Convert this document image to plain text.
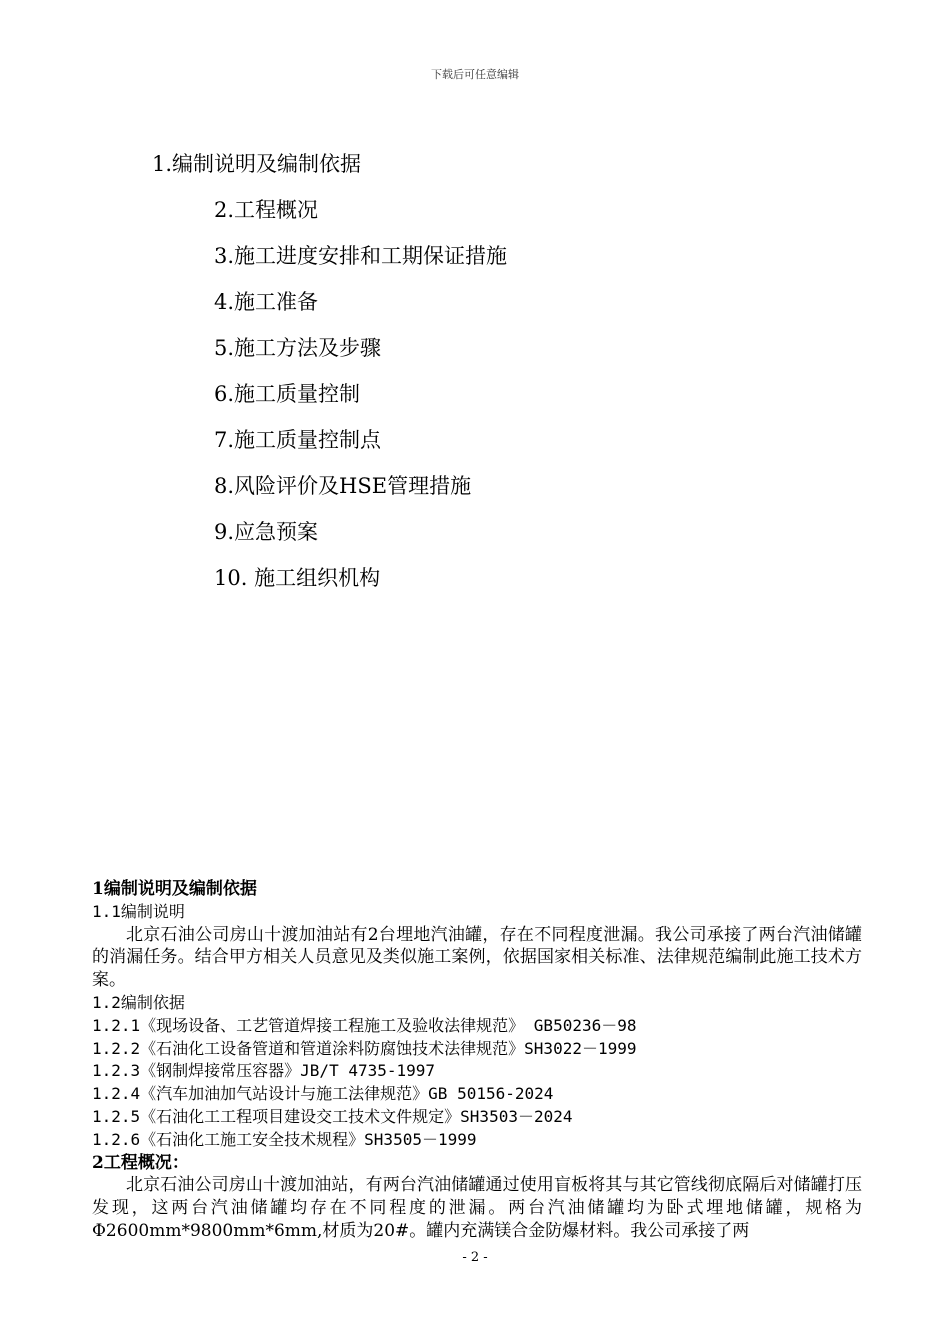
下载后可任意编辑
1.编制说明及编制依据
2.工程概况
3.施工进度安排和工期保证措施
4.施工准备
5.施工方法及步骤
6.施工质量控制
7.施工质量控制点
8.风险评价及HSE管理措施
9.应急预案
10. 施工组织机构
1编制说明及编制依据
1.1编制说明
北京石油公司房山十渡加油站有2台埋地汽油罐，存在不同程度泄漏。我公司承接了两台汽油储罐的消漏任务。结合甲方相关人员意见及类似施工案例，依据国家相关标准、法律规范编制此施工技术方案。
1.2编制依据
1.2.1《现场设备、工艺管道焊接工程施工及验收法律规范》 GB50236－98
1.2.2《石油化工设备管道和管道涂料防腐蚀技术法律规范》SH3022－1999
1.2.3《钢制焊接常压容器》JB/T 4735-1997
1.2.4《汽车加油加气站设计与施工法律规范》GB 50156-2024
1.2.5《石油化工工程项目建设交工技术文件规定》SH3503－2024
1.2.6《石油化工施工安全技术规程》SH3505－1999
2工程概况：
北京石油公司房山十渡加油站，有两台汽油储罐通过使用盲板将其与其它管线彻底隔后对储罐打压发现，这两台汽油储罐均存在不同程度的泄漏。两台汽油储罐均为卧式埋地储罐，规格为Φ2600mm*9800mm*6mm,材质为20#。罐内充满镁合金防爆材料。我公司承接了两
- 2 -
